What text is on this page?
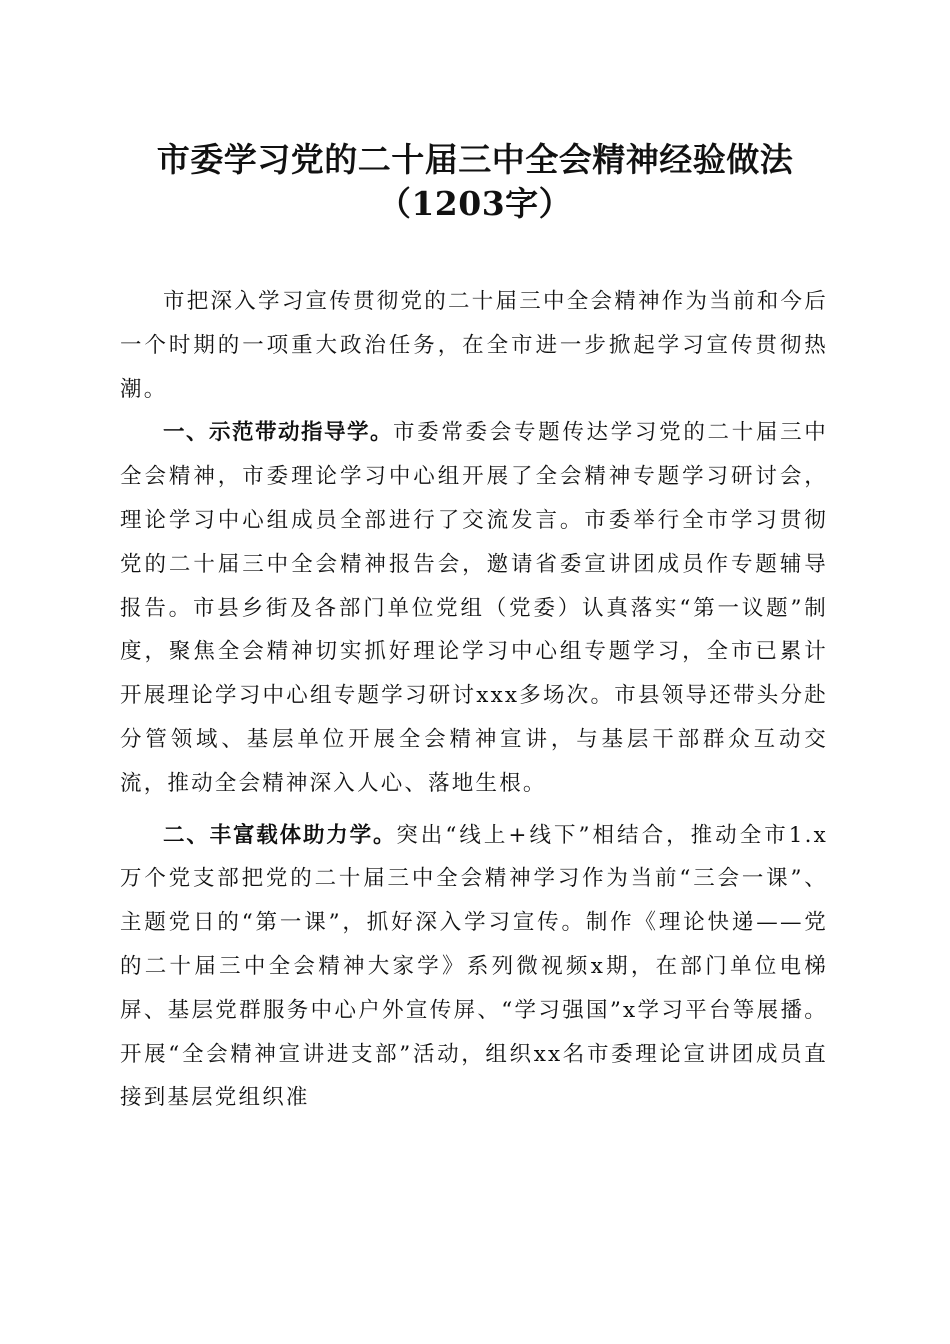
市委学习党的二十届三中全会精神经验做法
（1203字）

市把深入学习宣传贯彻党的二十届三中全会精神作为当前和今后一个时期的一项重大政治任务，在全市进一步掀起学习宣传贯彻热潮。

一、示范带动指导学。市委常委会专题传达学习党的二十届三中全会精神，市委理论学习中心组开展了全会精神专题学习研讨会，理论学习中心组成员全部进行了交流发言。市委举行全市学习贯彻党的二十届三中全会精神报告会，邀请省委宣讲团成员作专题辅导报告。市县乡街及各部门单位党组（党委）认真落实“第一议题”制度，聚焦全会精神切实抓好理论学习中心组专题学习，全市已累计开展理论学习中心组专题学习研讨xxx多场次。市县领导还带头分赴分管领域、基层单位开展全会精神宣讲，与基层干部群众互动交流，推动全会精神深入人心、落地生根。

二、丰富载体助力学。突出“线上+线下”相结合，推动全市1.x万个党支部把党的二十届三中全会精神学习作为当前“三会一课”、主题党日的“第一课”，抓好深入学习宣传。制作《理论快递——党的二十届三中全会精神大家学》系列微视频x期，在部门单位电梯屏、基层党群服务中心户外宣传屏、“学习强国”x学习平台等展播。开展“全会精神宣讲进支部”活动，组织xx名市委理论宣讲团成员直接到基层党组织准
